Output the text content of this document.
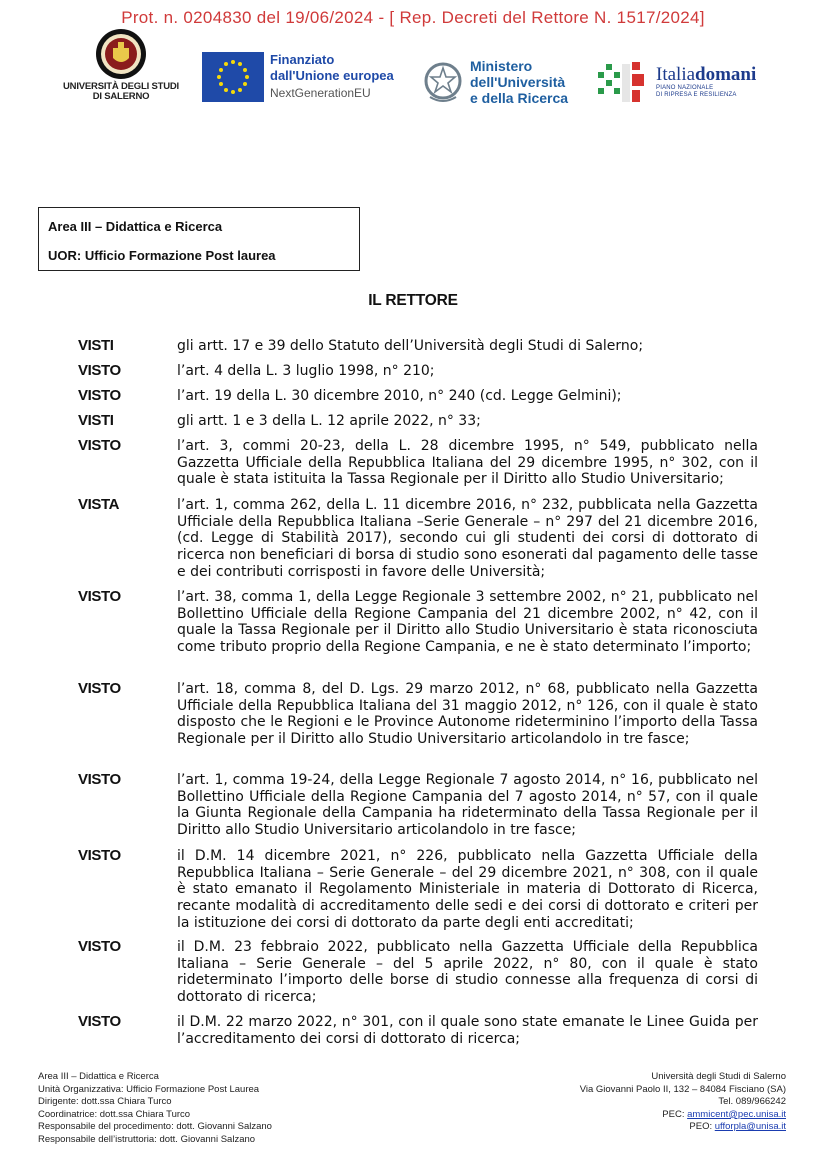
Prot. n. 0204830 del 19/06/2024 - [ Rep. Decreti del Rettore N. 1517/2024]
UNIVERSITÀ DEGLI STUDI
DI SALERNO
Finanziato
dall'Unione europea
NextGenerationEU
Ministero
dell'Università
e della Ricerca
Italiadomani
PIANO NAZIONALE
DI RIPRESA E RESILIENZA
Area III – Didattica e Ricerca
UOR: Ufficio Formazione Post laurea
IL RETTORE
VISTI	gli artt. 17 e 39 dello Statuto dell’Università degli Studi di Salerno;
VISTO	l’art. 4 della L. 3 luglio 1998, n° 210;
VISTO	l’art. 19 della L. 30 dicembre 2010, n° 240 (cd. Legge Gelmini);
VISTI	gli artt. 1 e 3 della L. 12 aprile 2022, n° 33;
VISTO	l’art. 3, commi 20-23, della L. 28 dicembre 1995, n° 549, pubblicato nella Gazzetta Ufficiale della Repubblica Italiana del 29 dicembre 1995, n° 302, con il quale è stata istituita la Tassa Regionale per il Diritto allo Studio Universitario;
VISTA	l’art. 1, comma 262, della L. 11 dicembre 2016, n° 232, pubblicata nella Gazzetta Ufficiale della Repubblica Italiana –Serie Generale – n° 297 del 21 dicembre 2016, (cd. Legge di Stabilità 2017), secondo cui gli studenti dei corsi di dottorato di ricerca non beneficiari di borsa di studio sono esonerati dal pagamento delle tasse e dei contributi corrisposti in favore delle Università;
VISTO	l’art. 38, comma 1, della Legge Regionale 3 settembre 2002, n° 21, pubblicato nel Bollettino Ufficiale della Regione Campania del 21 dicembre 2002, n° 42, con il quale la Tassa Regionale per il Diritto allo Studio Universitario è stata riconosciuta come tributo proprio della Regione Campania, e ne è stato determinato l’importo;
VISTO	l’art. 18, comma 8, del D. Lgs. 29 marzo 2012, n° 68, pubblicato nella Gazzetta Ufficiale della Repubblica Italiana del 31 maggio 2012, n° 126, con il quale è stato disposto che le Regioni e le Province Autonome rideterminino l’importo della Tassa Regionale per il Diritto allo Studio Universitario articolandolo in tre fasce;
VISTO	l’art. 1, comma 19-24, della Legge Regionale 7 agosto 2014, n° 16, pubblicato nel Bollettino Ufficiale della Regione Campania del 7 agosto 2014, n° 57, con il quale la Giunta Regionale della Campania ha rideterminato della Tassa Regionale per il Diritto allo Studio Universitario articolandolo in tre fasce;
VISTO	il D.M. 14 dicembre 2021, n° 226, pubblicato nella Gazzetta Ufficiale della Repubblica Italiana – Serie Generale – del 29 dicembre 2021, n° 308, con il quale è stato emanato il Regolamento Ministeriale in materia di Dottorato di Ricerca, recante modalità di accreditamento delle sedi e dei corsi di dottorato e criteri per la istituzione dei corsi di dottorato da parte degli enti accreditati;
VISTO	il D.M. 23 febbraio 2022, pubblicato nella Gazzetta Ufficiale della Repubblica Italiana – Serie Generale – del 5 aprile 2022, n° 80, con il quale è stato rideterminato l’importo delle borse di studio connesse alla frequenza di corsi di dottorato di ricerca;
VISTO	il D.M. 22 marzo 2022, n° 301, con il quale sono state emanate le Linee Guida per l’accreditamento dei corsi di dottorato di ricerca;
Area III – Didattica e Ricerca
Unità Organizzativa: Ufficio Formazione Post Laurea
Dirigente: dott.ssa Chiara Turco
Coordinatrice: dott.ssa Chiara Turco
Responsabile del procedimento: dott. Giovanni Salzano
Responsabile dell’istruttoria: dott. Giovanni Salzano
Università degli Studi di Salerno
Via Giovanni Paolo II, 132 – 84084 Fisciano (SA)
Tel. 089/966242
PEC: ammicent@pec.unisa.it
PEO: ufforpla@unisa.it
